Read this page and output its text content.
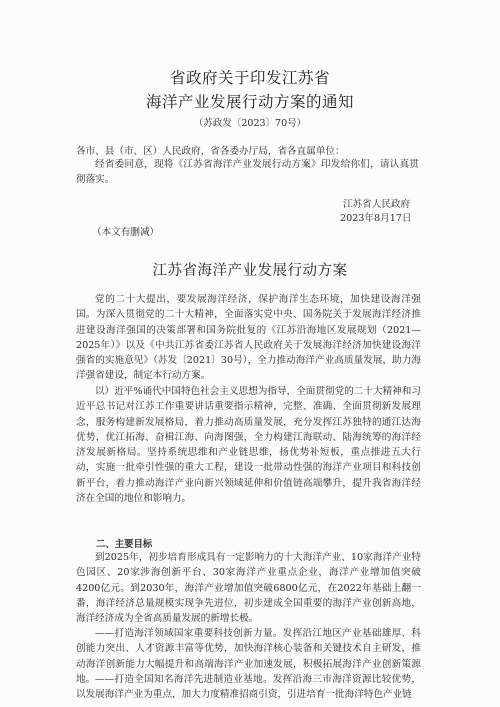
省政府关于印发江苏省
海洋产业发展行动方案的通知
（苏政发〔2023〕70号）
各市、县（市、区）人民政府，省各委办厅局，省各直属单位：

经省委同意，现将《江苏省海洋产业发展行动方案》印发给你们，请认真贯彻落实。

江苏省人民政府
2023年8月17日
（本文有删减）
江苏省海洋产业发展行动方案

党的二十大提出，要发展海洋经济，保护海洋生态环境，加快建设海洋强国。为深入贯彻党的二十大精神，全面落实党中央、国务院关于发展海洋经济推进建设海洋强国的决策部署和国务院批复的《江苏沿海地区发展规划（2021—2025年）》以及《中共江苏省委江苏省人民政府关于发展海洋经济加快建设海洋强省的实施意见》（苏发〔2021〕30号），全力推动海洋产业高质量发展，助力海洋强省建设，制定本行动方案。

以）近平%诵代中国特色社会主义思想为指导，全面贯彻党的二十大精神和习近平总书记对江苏工作重要讲话重要指示精神，完整、准确、全面贯彻新发展理念，服务构建新发展格局，着力推动高质量发展，充分发挥江苏独特的通江达海优势，优江拓海、奋楫江海、向海图强，全力构建江海联动、陆海统筹的海洋经济发展新格局。坚持系统思维和产业链思维，扬优势补短板，重点推进五大行动，实施一批牵引性强的重大工程，建设一批带动性强的海洋产业项目和科技创新平台，着力推动海洋产业向新兴领域延伸和价值链高端攀升，提升我省海洋经济在全国的地位和影响力。

二、主要目标

到2025年，初步培育形成具有一定影响力的十大海洋产业、10家海洋产业特色园区、20家涉海创新平台、30家海洋产业重点企业，海洋产业增加值突破4200亿元。到2030年，海洋产业增加值突破6800亿元，在2022年基础上翻一番，海洋经济总量规模实现争先进位，初步建成全国重要的海洋产业创新高地，海洋经济成为全省高质量发展的新增长极。

——打造海洋领域国家重要科技创新力量。发挥沿江地区产业基础雄厚、科创能力突出、人才资源丰富等优势，加快海洋核心装备和关键技术自主研发，推动海洋创新能力大幅提升和高端海洋产业加速发展，积极拓展海洋产业创新策源地。 ——打造全国知名海洋先进制造业基地。发挥沿海三市海洋资源比较优势，以发展海洋产业为重点，加大力度精准招商引资，引进培育一批海洋特色产业链
